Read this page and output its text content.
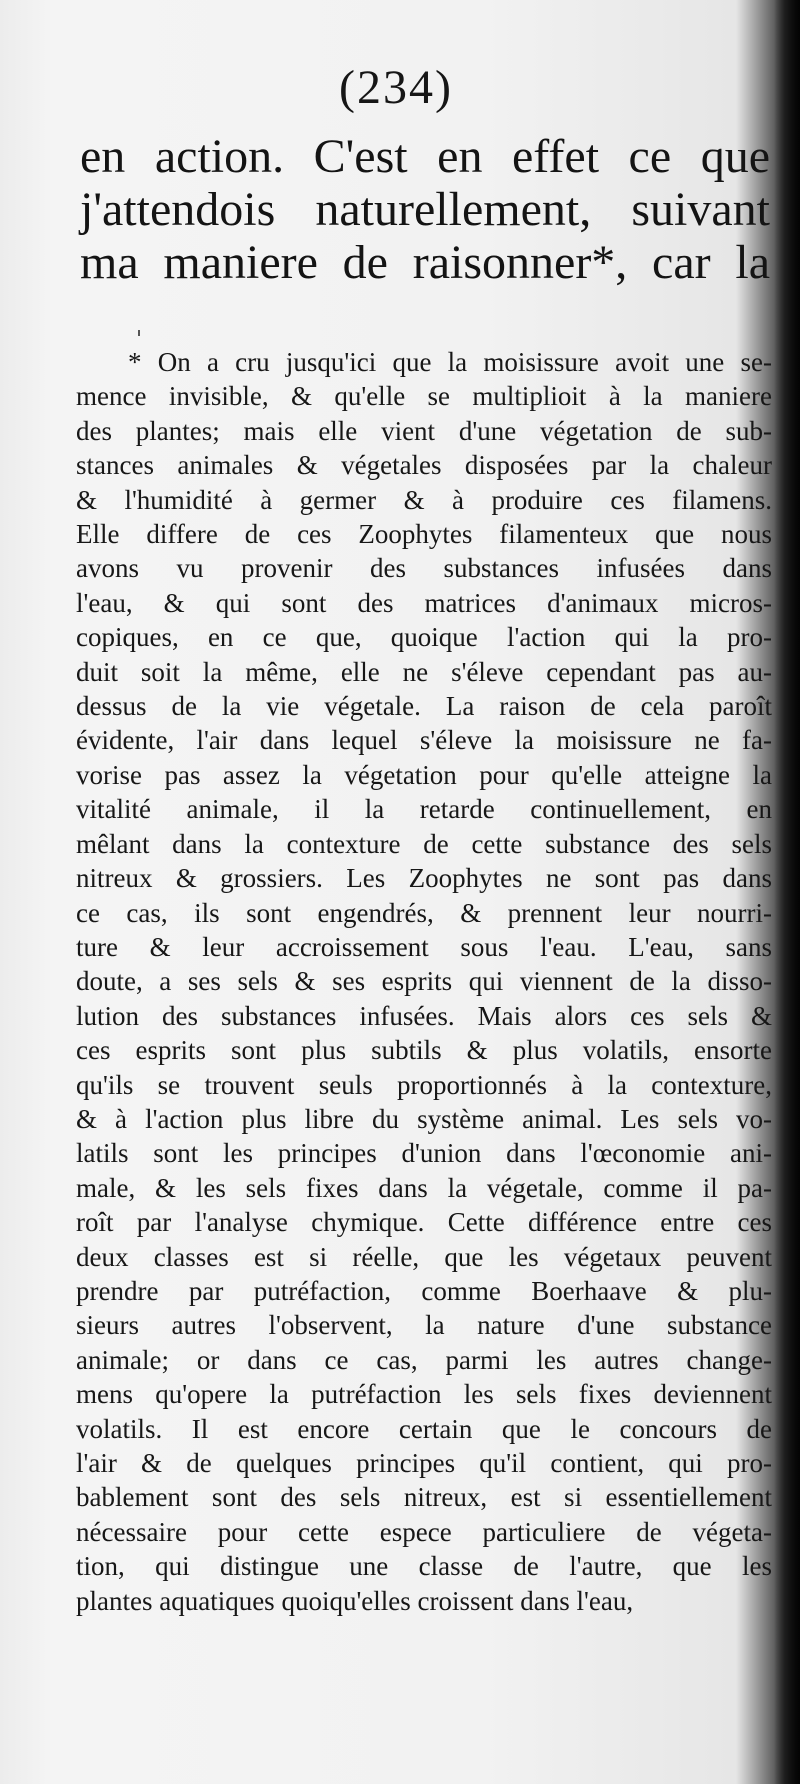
(234)
en action. C'est en effet ce que
j'attendois naturellement, suivant
ma maniere de raisonner*, car la
* On a cru jusqu'ici que la moisissure avoit une se-
mence invisible, & qu'elle se multiplioit à la maniere
des plantes; mais elle vient d'une végetation de sub-
stances animales & végetales disposées par la chaleur
& l'humidité à germer & à produire ces filamens.
Elle differe de ces Zoophytes filamenteux que nous
avons vu provenir des substances infusées dans
l'eau, & qui sont des matrices d'animaux micros-
copiques, en ce que, quoique l'action qui la pro-
duit soit la même, elle ne s'éleve cependant pas au-
dessus de la vie végetale. La raison de cela paroît
évidente, l'air dans lequel s'éleve la moisissure ne fa-
vorise pas assez la végetation pour qu'elle atteigne la
vitalité animale, il la retarde continuellement, en
mêlant dans la contexture de cette substance des sels
nitreux & grossiers. Les Zoophytes ne sont pas dans
ce cas, ils sont engendrés, & prennent leur nourri-
ture & leur accroissement sous l'eau. L'eau, sans
doute, a ses sels & ses esprits qui viennent de la disso-
lution des substances infusées. Mais alors ces sels &
ces esprits sont plus subtils & plus volatils, ensorte
qu'ils se trouvent seuls proportionnés à la contexture,
& à l'action plus libre du système animal. Les sels vo-
latils sont les principes d'union dans l'œconomie ani-
male, & les sels fixes dans la végetale, comme il pa-
roît par l'analyse chymique. Cette différence entre ces
deux classes est si réelle, que les végetaux peuvent
prendre par putréfaction, comme Boerhaave & plu-
sieurs autres l'observent, la nature d'une substance
animale; or dans ce cas, parmi les autres change-
mens qu'opere la putréfaction les sels fixes deviennent
volatils. Il est encore certain que le concours de
l'air & de quelques principes qu'il contient, qui pro-
bablement sont des sels nitreux, est si essentiellement
nécessaire pour cette espece particuliere de végeta-
tion, qui distingue une classe de l'autre, que les
plantes aquatiques quoiqu'elles croissent dans l'eau,
